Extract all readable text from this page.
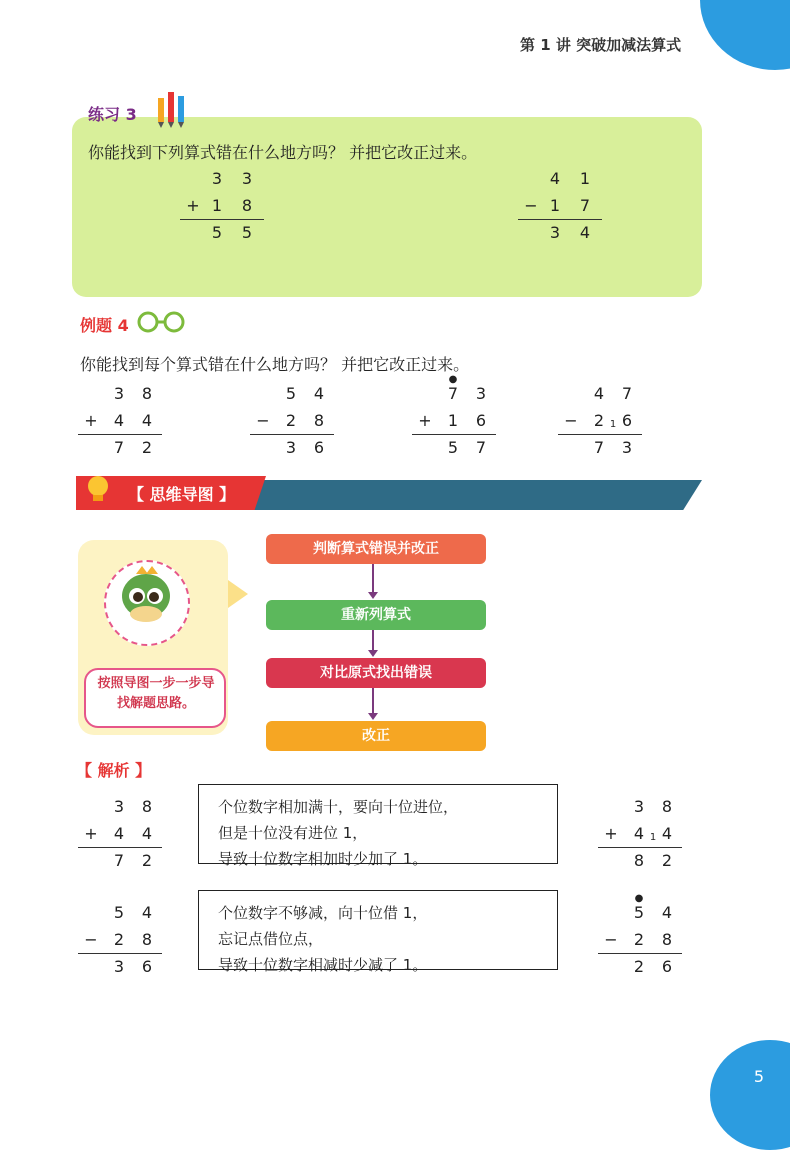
5
第 1 讲 突破加减法算式
练习 3
你能找到下列算式错在什么地方吗？ 并把它改正过来。
3 3
+ 1 8
5 5
4 1
− 1 7
3 4
例题 4
你能找到每个算式错在什么地方吗？ 并把它改正过来。
3 8
+ 4 4
7 2
5 4
− 2 8
3 6
7
●
3
+ 1 6
5 7
4 7
− 2 1 6
7 3
【 思维导图 】
按照导图一步一步导找解题思路。
判断算式错误并改正
重新列算式
对比原式找出错误
改正
【 解析 】
3 8
+ 4 4
7 2
个位数字相加满十，要向十位进位，
但是十位没有进位 1，
导致十位数字相加时少加了 1。
3 8
+ 4 1 4
8 2
5 4
− 2 8
3 6
个位数字不够减，向十位借 1，
忘记点借位点，
导致十位数字相减时少减了 1。
●
5 4
− 2 8
2 6
